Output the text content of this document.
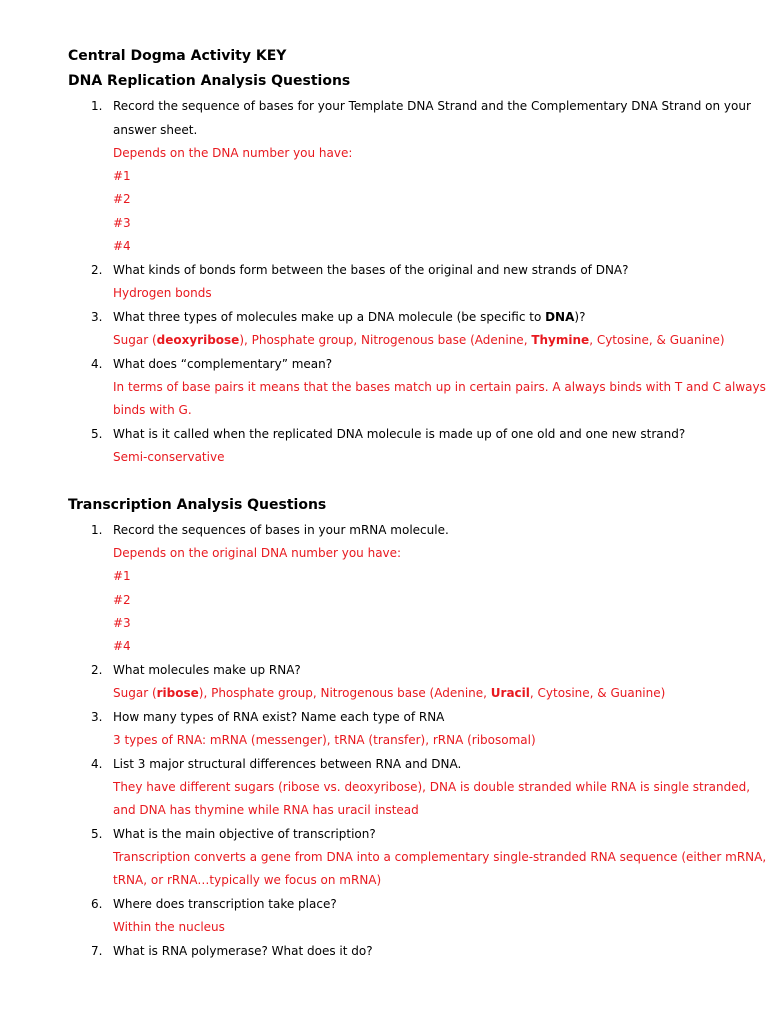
Central Dogma Activity KEY
DNA Replication Analysis Questions
1. Record the sequence of bases for your Template DNA Strand and the Complementary DNA Strand on your
answer sheet.
Depends on the DNA number you have:
#1
#2
#3
#4
2. What kinds of bonds form between the bases of the original and new strands of DNA?
Hydrogen bonds
3. What three types of molecules make up a DNA molecule (be specific to DNA)?
Sugar (deoxyribose), Phosphate group, Nitrogenous base (Adenine, Thymine, Cytosine, & Guanine)
4. What does “complementary” mean?
In terms of base pairs it means that the bases match up in certain pairs. A always binds with T and C always
binds with G.
5. What is it called when the replicated DNA molecule is made up of one old and one new strand?
Semi-conservative
Transcription Analysis Questions
1. Record the sequences of bases in your mRNA molecule.
Depends on the original DNA number you have:
#1
#2
#3
#4
2. What molecules make up RNA?
Sugar (ribose), Phosphate group, Nitrogenous base (Adenine, Uracil, Cytosine, & Guanine)
3. How many types of RNA exist? Name each type of RNA
3 types of RNA: mRNA (messenger), tRNA (transfer), rRNA (ribosomal)
4. List 3 major structural differences between RNA and DNA.
They have different sugars (ribose vs. deoxyribose), DNA is double stranded while RNA is single stranded,
and DNA has thymine while RNA has uracil instead
5. What is the main objective of transcription?
Transcription converts a gene from DNA into a complementary single-stranded RNA sequence (either mRNA,
tRNA, or rRNA…typically we focus on mRNA)
6. Where does transcription take place?
Within the nucleus
7. What is RNA polymerase? What does it do?
